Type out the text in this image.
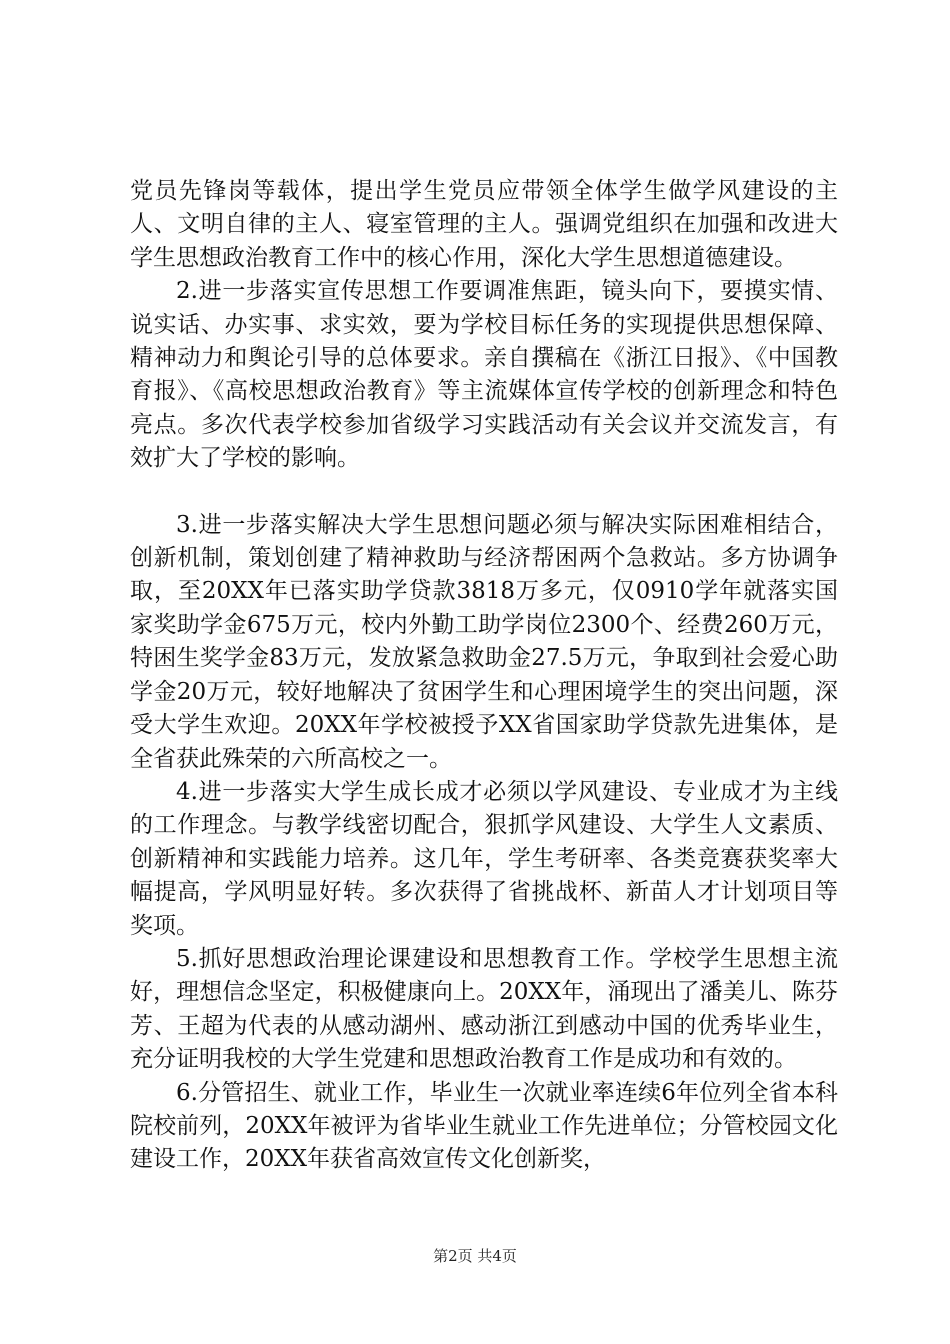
党员先锋岗等载体，提出学生党员应带领全体学生做学风建设的主人、文明自律的主人、寝室管理的主人。强调党组织在加强和改进大学生思想政治教育工作中的核心作用，深化大学生思想道德建设。

2.进一步落实宣传思想工作要调准焦距，镜头向下，要摸实情、说实话、办实事、求实效，要为学校目标任务的实现提供思想保障、精神动力和舆论引导的总体要求。亲自撰稿在《浙江日报》、《中国教育报》、《高校思想政治教育》等主流媒体宣传学校的创新理念和特色亮点。多次代表学校参加省级学习实践活动有关会议并交流发言，有效扩大了学校的影响。

3.进一步落实解决大学生思想问题必须与解决实际困难相结合，创新机制，策划创建了精神救助与经济帮困两个急救站。多方协调争取，至20XX年已落实助学贷款3818万多元，仅0910学年就落实国家奖助学金675万元，校内外勤工助学岗位2300个、经费260万元，特困生奖学金83万元，发放紧急救助金27.5万元，争取到社会爱心助学金20万元，较好地解决了贫困学生和心理困境学生的突出问题，深受大学生欢迎。20XX年学校被授予XX省国家助学贷款先进集体，是全省获此殊荣的六所高校之一。

4.进一步落实大学生成长成才必须以学风建设、专业成才为主线的工作理念。与教学线密切配合，狠抓学风建设、大学生人文素质、创新精神和实践能力培养。这几年，学生考研率、各类竞赛获奖率大幅提高，学风明显好转。多次获得了省挑战杯、新苗人才计划项目等奖项。

5.抓好思想政治理论课建设和思想教育工作。学校学生思想主流好，理想信念坚定，积极健康向上。20XX年，涌现出了潘美儿、陈芬芳、王超为代表的从感动湖州、感动浙江到感动中国的优秀毕业生，充分证明我校的大学生党建和思想政治教育工作是成功和有效的。

6.分管招生、就业工作，毕业生一次就业率连续6年位列全省本科院校前列，20XX年被评为省毕业生就业工作先进单位；分管校园文化建设工作，20XX年获省高效宣传文化创新奖，

第2页 共4页
